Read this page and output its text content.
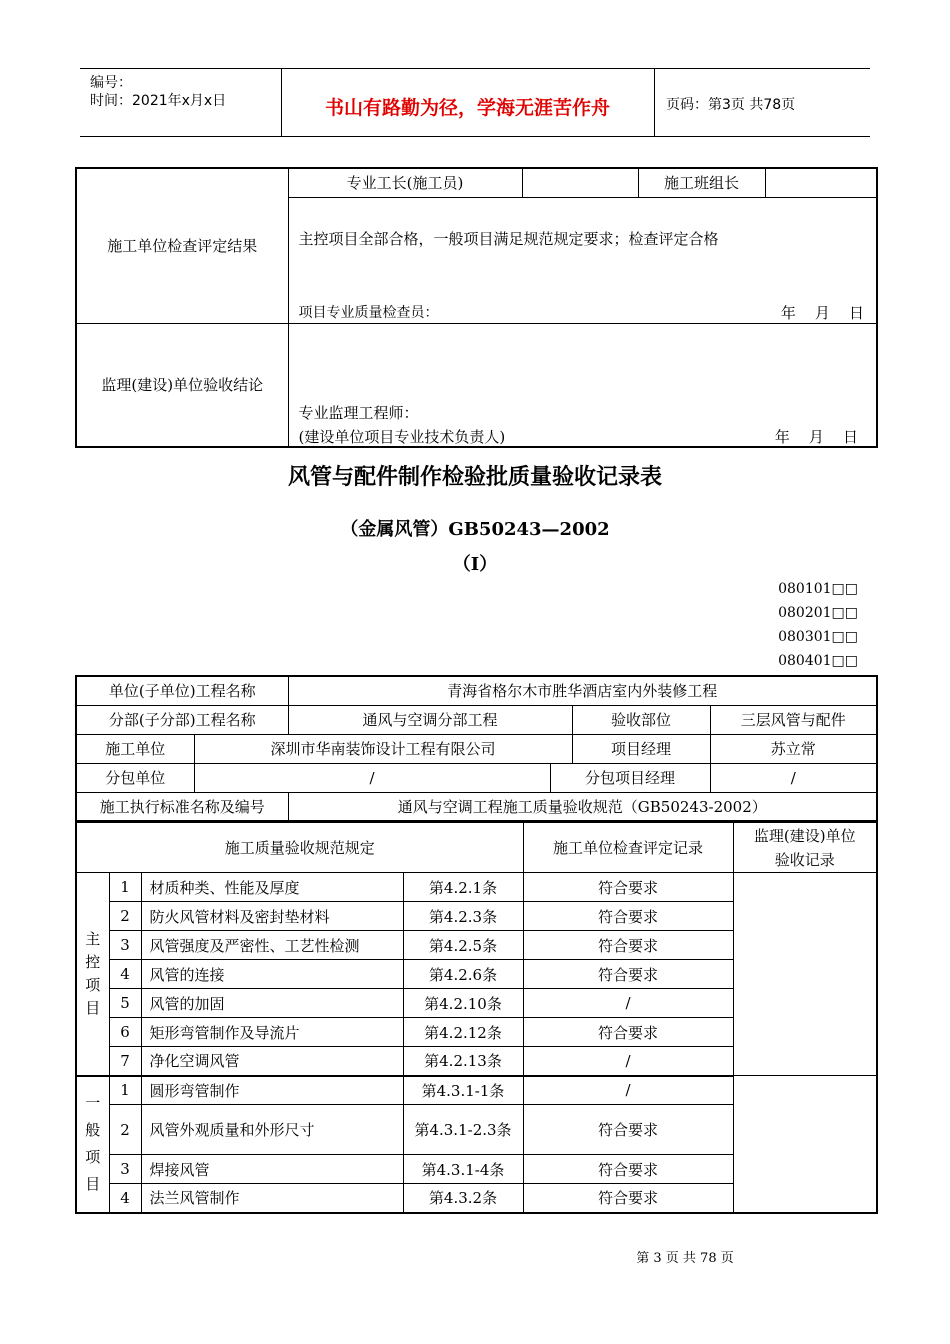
编号：
时间：2021年x月x日	书山有路勤为径，学海无涯苦作舟	页码：第3页 共78页
施工单位检查评定结果	专业工长(施工员)		施工班组长	

	主控项目全部合格，一般项目满足规范规定要求；检查评定合格
项目专业质量检查员： 年    月    日			

监理(建设)单位验收结论	专业监理工程师：
(建设单位项目专业技术负责人) 年    月    日			
风管与配件制作检验批质量验收记录表
（金属风管）GB50243—2002
（Ⅰ）
080101□□
080201□□
080301□□
080401□□
单位(子单位)工程名称		青海省格尔木市胜华酒店室内外装修工程			
分部(子分部)工程名称		通风与空调分部工程		验收部位	三层风管与配件
施工单位	深圳市华南装饰设计工程有限公司			项目经理	苏立常
分包单位	/		分包项目经理		/
施工执行标准名称及编号		通风与空调工程施工质量验收规范（GB50243-2002）			
施工质量验收规范规定				施工单位检查评定记录	监理(建设)单位验收记录

主控项目	1	材质种类、性能及厚度	第4.2.1条	符合要求	
	2	防火风管材料及密封垫材料	第4.2.3条	符合要求	
	3	风管强度及严密性、工艺性检测	第4.2.5条	符合要求	
	4	风管的连接	第4.2.6条	符合要求	
	5	风管的加固	第4.2.10条	/	
	6	矩形弯管制作及导流片	第4.2.12条	符合要求	
	7	净化空调风管	第4.2.13条	/	

一般项目	1	圆形弯管制作	第4.3.1-1条	/	
	2	风管外观质量和外形尺寸	第4.3.1-2.3条	符合要求	
	3	焊接风管	第4.3.1-4条	符合要求	
	4	法兰风管制作	第4.3.2条	符合要求	
第 3 页 共 78 页
